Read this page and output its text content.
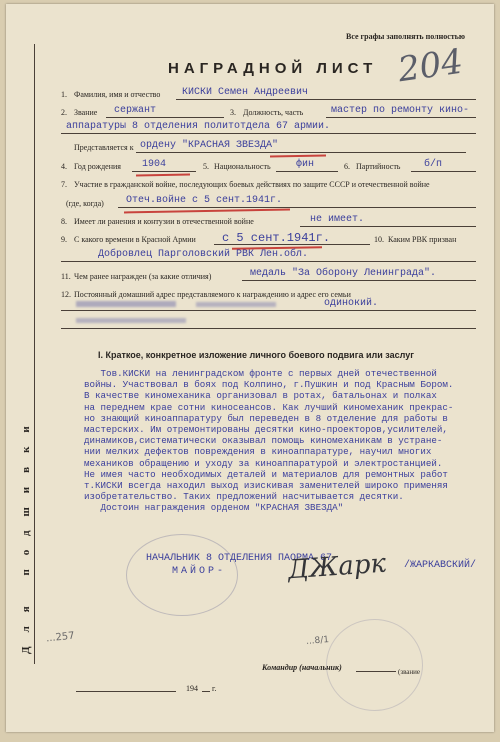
Для подшивки
Все графы заполнять полностью
НАГРАДНОЙ ЛИСТ 204
1. Фамилия, имя и отчество КИСКИ Семен Андреевич
2. Звание сержант	3. Должность, часть	мастер по ремонту кино-
аппаратуры 8 отделения политотдела 67 армии.
Представляется к ордену "КРАСНАЯ ЗВЕЗДА"
4. Год рождения 1904	5. Национальность	фин	6. Партийность б/п
7. Участие в гражданской войне, последующих боевых действиях по защите СССР и отечественной войне
(где, когда) Отеч.войне с 5 сент.1941г.
8. Имеет ли ранения и контузии в отечественной войне	не имеет.
9. С какого времени в Красной Армии с 5 сент.1941г.	10. Каким РВК призван
Добровлец Парголовский РВК Лен.обл.
11. Чем ранее награжден (за какие отличия)	медаль "За Оборону Ленинграда".
12. Постоянный домашний адрес представляемого к награждению и адрес его семьи
одинокий.
I. Краткое, конкретное изложение личного боевого подвига или заслуг
Тов.КИСКИ на ленинградском фронте с первых дней отечественной
войны. Участвовал в боях под Колпино, г.Пушкин и под Красным Бором.
В качестве киномеханика организовал в ротах, батальонах и полках
на переднем крае сотни киносеансов. Как лучший киномеханик прекрас-
но знающий киноаппаратуру был переведен в 8 отделение для работы в
мастерских. Им отремонтированы десятки кино-проекторов,усилителей,
динамиков,систематически оказывал помощь киномеханикам в устране-
нии мелких дефектов повреждения в киноаппаратуре, научил многих
механиков обращению и уходу за киноаппаратурой и электростанцией.
Не имея часто необходимых деталей и материалов для ремонтных работ
т.КИСКИ всегда находил выход изискивая заменителей широко применяя
изобретательство. Таких предложений насчитывается десятки.
Достоин награждения орденом "КРАСНАЯ ЗВЕЗДА"
НАЧАЛЬНИК 8 ОТДЕЛЕНИЯ ПАОРМА 67
МАЙОР- ДЖарк /ЖАРКАВСКИЙ/
...257	...8/1
Командир (начальник)	(звание
194 г.
